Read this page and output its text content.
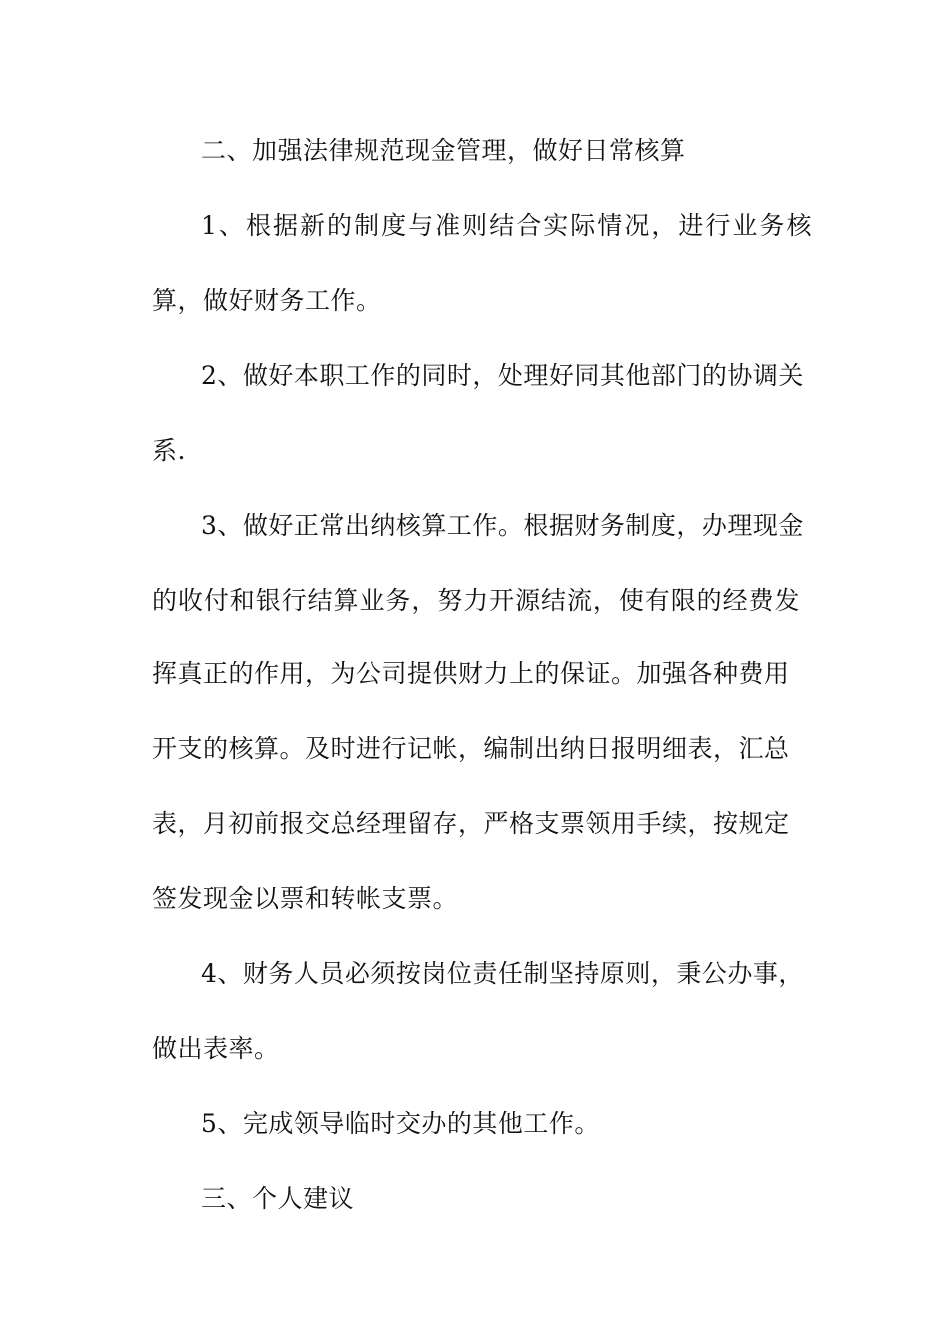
二、加强法律规范现金管理，做好日常核算

1、根据新的制度与准则结合实际情况，进行业务核

算，做好财务工作。

2、做好本职工作的同时，处理好同其他部门的协调关

系.

3、做好正常出纳核算工作。根据财务制度，办理现金

的收付和银行结算业务，努力开源结流，使有限的经费发

挥真正的作用，为公司提供财力上的保证。加强各种费用

开支的核算。及时进行记帐，编制出纳日报明细表，汇总

表，月初前报交总经理留存，严格支票领用手续，按规定

签发现金以票和转帐支票。

4、财务人员必须按岗位责任制坚持原则，秉公办事，

做出表率。

5、完成领导临时交办的其他工作。

三、个人建议
